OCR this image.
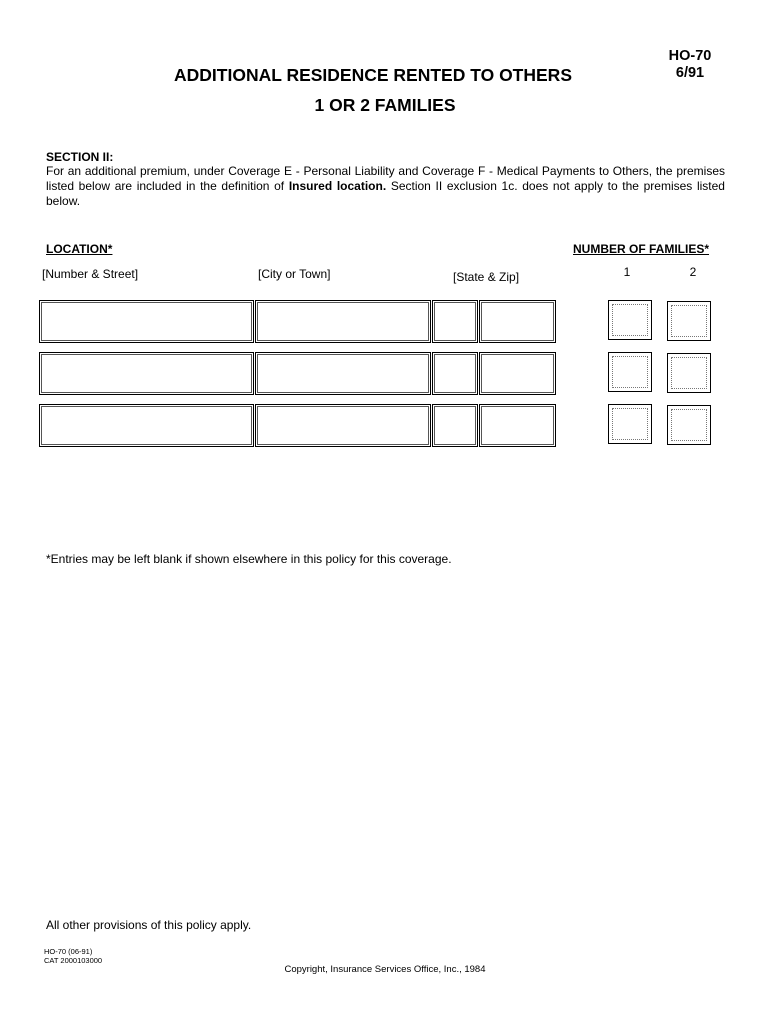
HO-70
6/91
ADDITIONAL RESIDENCE RENTED TO OTHERS
1 OR 2 FAMILIES
SECTION II:
For an additional premium, under Coverage E - Personal Liability and Coverage F - Medical Payments to Others, the premises listed below are included in the definition of Insured location. Section II exclusion 1c. does not apply to the premises listed below.
LOCATION*	NUMBER OF FAMILIES*
[Number & Street]	[City or Town]	[State & Zip]	1	2
*Entries may be left blank if shown elsewhere in this policy for this coverage.
All other provisions of this policy apply.
HO-70 (06-91)
CAT 2000103000
Copyright, Insurance Services Office, Inc., 1984
